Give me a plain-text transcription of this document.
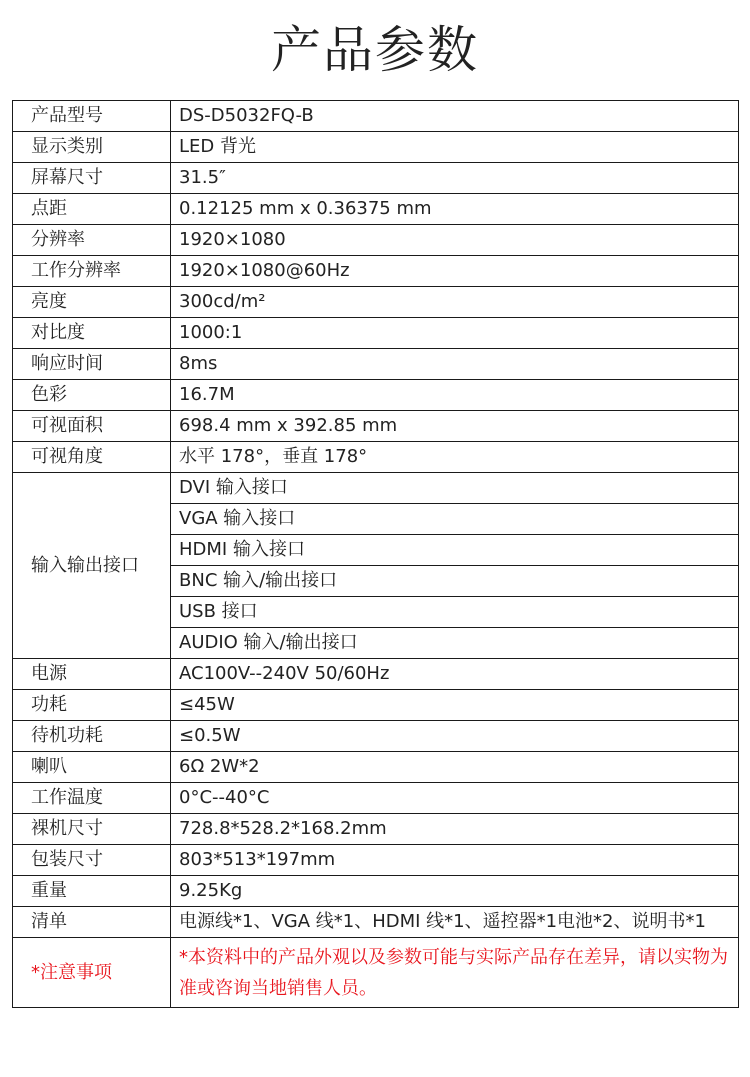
产品参数
产品型号	DS-D5032FQ-B
显示类别	LED 背光
屏幕尺寸	31.5″
点距	0.12125 mm x 0.36375 mm
分辨率	1920×1080
工作分辨率	1920×1080@60Hz
亮度	300cd/m²
对比度	1000:1
响应时间	8ms
色彩	16.7M
可视面积	698.4 mm x 392.85 mm
可视角度	水平 178°，垂直 178°
输入输出接口	DVI 输入接口
	VGA 输入接口
	HDMI 输入接口
	BNC 输入/输出接口
	USB 接口
	AUDIO 输入/输出接口
电源	AC100V--240V 50/60Hz
功耗	≤45W
待机功耗	≤0.5W
喇叭	6Ω 2W*2
工作温度	0°C--40°C
裸机尺寸	728.8*528.2*168.2mm
包装尺寸	803*513*197mm
重量	9.25Kg
清单	电源线*1、VGA 线*1、HDMI 线*1、遥控器*1电池*2、说明书*1
*注意事项	*本资料中的产品外观以及参数可能与实际产品存在差异，请以实物为准或咨询当地销售人员。
